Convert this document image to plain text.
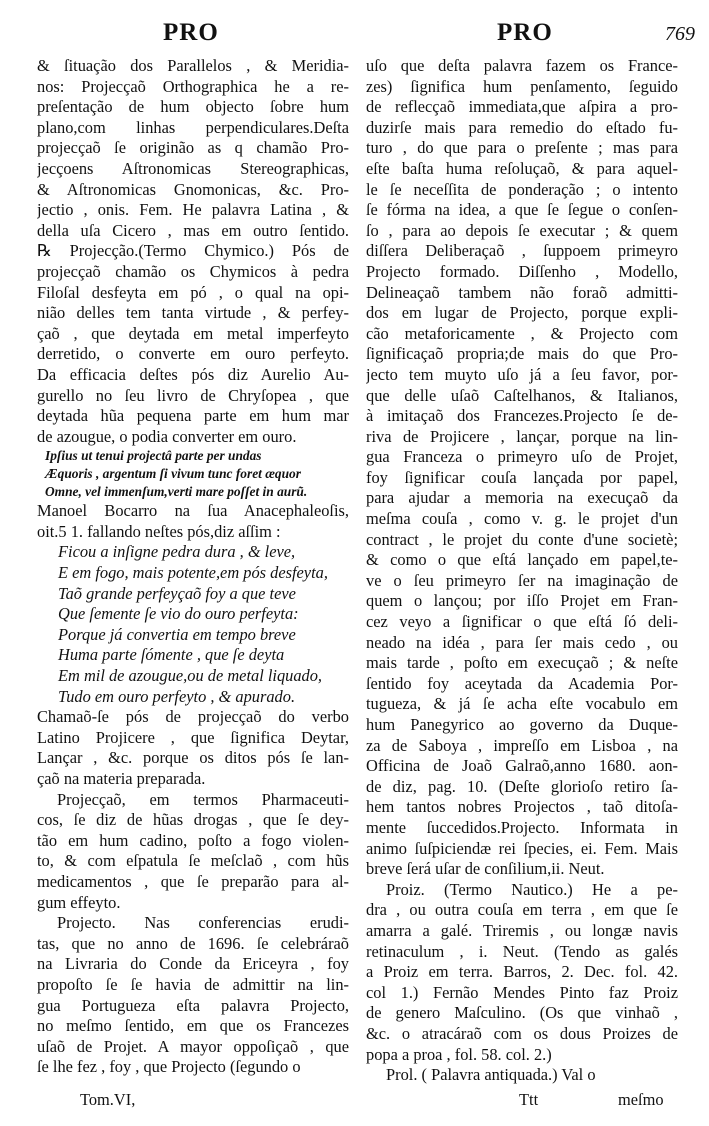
PRO	PRO	769
& ſituação dos Parallelos , & Meridia-
nos: Projecçaõ Orthographica he a re-
preſentação de hum objecto ſobre hum
plano,com linhas perpendiculares.Deſta
projecçaõ ſe originão as q chamão Pro-
jecçoens Aſtronomicas Stereographicas,
& Aſtronomicas Gnomonicas, &c. Pro-
jectio , onis. Fem. He palavra Latina , &
della uſa Cicero , mas em outro ſentido.
℞ Projecção.(Termo Chymico.) Pós de
projecçaõ chamão os Chymicos à pedra
Filoſal desfeyta em pó , o qual na opi-
nião delles tem tanta virtude , & perfey-
çaõ , que deytada em metal imperfeyto
derretido, o converte em ouro perfeyto.
Da efficacia deſtes pós diz Aurelio Au-
gurello no ſeu livro de Chryſopea , que
deytada hũa pequena parte em hum mar
de azougue, o podia converter em ouro.
Ipſius ut tenui projectâ parte per undas
Æquoris , argentum ſi vivum tunc foret æquor
Omne, vel immenſum,verti mare poſſet in aurũ.
Manoel Bocarro na ſua Anacephaleoſis,
oit.5 1. fallando neſtes pós,diz aſſim :
Ficou a inſigne pedra dura , & leve,
E em fogo, mais potente,em pós desfeyta,
Taõ grande perfeyçaõ foy a que teve
Que ſemente ſe vio do ouro perfeyta:
Porque já convertia em tempo breve
Huma parte ſómente , que ſe deyta
Em mil de azougue,ou de metal liquado,
Tudo em ouro perfeyto , & apurado.
Chamaõ-ſe pós de projecçaõ do verbo
Latino Projicere , que ſignifica Deytar,
Lançar , &c. porque os ditos pós ſe lan-
çaõ na materia preparada.
Projecçaõ, em termos Pharmaceuti-
cos, ſe diz de hũas drogas , que ſe dey-
tão em hum cadino, poſto a fogo violen-
to, & com eſpatula ſe meſclaõ , com hũs
medicamentos , que ſe preparão para al-
gum effeyto.
Projecto. Nas conferencias erudi-
tas, que no anno de 1696. ſe celebráraõ
na Livraria do Conde da Ericeyra , foy
propoſto ſe ſe havia de admittir na lin-
gua Portugueza eſta palavra Projecto,
no meſmo ſentido, em que os Francezes
uſaõ de Projet. A mayor oppoſiçaõ , que
ſe lhe fez , foy , que Projecto (ſegundo o
uſo que deſta palavra fazem os France-
zes) ſignifica hum penſamento, ſeguido
de reflecçaõ immediata,que aſpira a pro-
duzirſe mais para remedio do eſtado fu-
turo , do que para o preſente ; mas para
eſte baſta huma reſoluçaõ, & para aquel-
le ſe neceſſita de ponderação ; o intento
ſe fórma na idea, a que ſe ſegue o conſen-
ſo , para ao depois ſe executar ; & quem
diſſera Deliberaçaõ , ſuppoem primeyro
Projecto formado. Diſſenho , Modello,
Delineaçaõ tambem não foraõ admitti-
dos em lugar de Projecto, porque expli-
cão metaforicamente , & Projecto com
ſignificaçaõ propria;de mais do que Pro-
jecto tem muyto uſo já a ſeu favor, por-
que delle uſaõ Caſtelhanos, & Italianos,
à imitaçaõ dos Francezes.Projecto ſe de-
riva de Projicere , lançar, porque na lin-
gua Franceza o primeyro uſo de Projet,
foy ſignificar couſa lançada por papel,
para ajudar a memoria na execuçaõ da
meſma couſa , como v. g. le projet d'un
contract , le projet du conte d'une societè;
& como o que eſtá lançado em papel,te-
ve o ſeu primeyro ſer na imaginação de
quem o lançou; por iſſo Projet em Fran-
cez veyo a ſignificar o que eſtá ſó deli-
neado na idéa , para ſer mais cedo , ou
mais tarde , poſto em execuçaõ ; & neſte
ſentido foy aceytada da Academia Por-
tugueza, & já ſe acha eſte vocabulo em
hum Panegyrico ao governo da Duque-
za de Saboya , impreſſo em Lisboa , na
Officina de Joaõ Galraõ,anno 1680. aon-
de diz, pag. 10. (Deſte glorioſo retiro ſa-
hem tantos nobres Projectos , taõ ditoſa-
mente ſuccedidos.Projecto. Informata in
animo ſuſpiciendæ rei ſpecies, ei. Fem. Mais
breve ſerá uſar de conſilium,ii. Neut.
Proiz. (Termo Nautico.) He a pe-
dra , ou outra couſa em terra , em que ſe
amarra a galé. Triremis , ou longæ navis
retinaculum , i. Neut. (Tendo as galés
a Proiz em terra. Barros, 2. Dec. fol. 42.
col 1.) Fernão Mendes Pinto faz Proiz
de genero Maſculino. (Os que vinhaõ ,
&c. o atracáraõ com os dous Proizes de
popa a proa , fol. 58. col. 2.)
Prol. ( Palavra antiquada.) Val o
Tom.VI,	Ttt	meſmo
